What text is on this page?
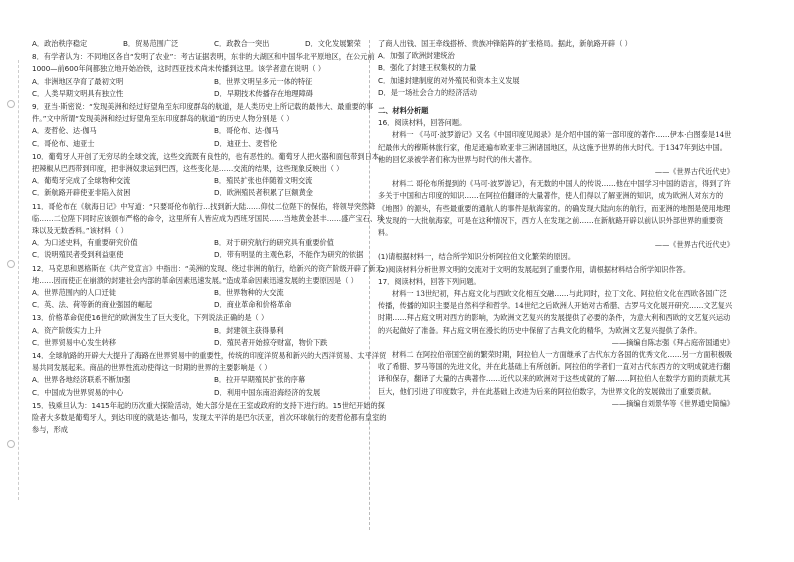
A．政治秩序稳定	B．贸易范围广泛	C．政教合一突出	D．文化发展繁荣

8．有学者认为：不同地区各自“发明了农业”：考古证据表明，东非的大湖区和中国华北平原地区，在公元前1000—前600年间都独立地开始冶铁，这时西亚技术尚未传播到这里。该学者意在说明（ ）

A．非洲地区孕育了最初文明	B．世界文明呈多元一体的特征
C．人类早期文明具有独立性	D．早期技术传播存在地理障碍

9．亚当·斯密说：“发现美洲和经过好望角至东印度群岛的航道，是人类历史上所记载的最伟大、最重要的事件。”文中所谓“发现美洲和经过好望角至东印度群岛的航道”的历史人物分别是（ ）

A．麦哲伦、达·伽马	B．哥伦布、达·伽马
C．哥伦布、迪亚士	D．迪亚士、麦哲伦

10．葡萄牙人开创了无穷尽的全球交流，这些交流既有良性的，也有恶性的。葡萄牙人把火器和面包带到日本，把辣椒从巴西带到印度，把非洲奴隶运到巴西，这些变化是……交流的结果，这些现象反映出（ ）

A．葡萄牙完成了全球物种交流	B．殖民扩张也伴随着文明交流
C．新航路开辟使亚非陷入贫困	D．欧洲殖民者积累了巨额黄金

11．哥伦布在《航海日记》中写道：“只要哥伦布航行…找到新大陆……仰仗二位陛下的保佑，将领导突然降临……二位陛下同时应该颁布严格的命令，这里所有人皆应成为西班牙国民……当地黄金甚丰……盛产宝石、珍珠以及无数香料。”该材料（ ）

A．为口述史料，有重要研究价值	B．对于研究航行的研究具有重要价值
C．说明殖民者受到利益驱使	D．带有明显的主观色彩，不能作为研究的依据

12．马克思和恩格斯在《共产党宣言》中指出：“美洲的发现、绕过非洲的航行，给新兴的资产阶级开辟了新天地……因而使正在崩溃的封建社会内部的革命因素迅速发展。”造成革命因素迅速发展的主要原因是（ ）

A．世界范围内的人口迁徙	B．世界物种的大交流
C．英、法、荷等新的商业强国的崛起	D．商业革命和价格革命

13．价格革命促使16世纪的欧洲发生了巨大变化，下列说法正确的是（ ）

A．资产阶级实力上升	B．封建领主获得暴利
C．世界贸易中心发生转移	D．殖民者开始掠夺财富，物价下跌

14．全球航路的开辟大大提升了海路在世界贸易中的重要性，传统的印度洋贸易和新兴的大西洋贸易、太平洋贸易共同发展起来。商品的世界性流动使得这一时期的世界的主要影响是（ ）

A．世界各地经济联系不断加强	B．拉开早期殖民扩张的序幕
C．中国成为世界贸易的中心	D．利用中国东南沿海经济的发展

15．钱乘旦认为：1415年起的历次重大探险活动，她大部分是在王室或政府的支持下进行的。15世纪开始的探险者大多数是葡萄牙人，到达印度的就是达·伽马，发现太平洋的是巴尔沃亚，首次环球航行的麦哲伦都有皇室的参与，形成

了商人出钱、国王牵线搭桥、贵族冲锋陷阵的扩张格局。据此，新航路开辟（ ）

A．加强了欧洲封建统治

B．强化了封建王权集权的力量

C．加速封建制度的对外殖民和资本主义发展

D．是一场社会合力的经济活动

二、材料分析题

16．阅读材料，回答问题。

材料一 《马可·波罗游记》又名《中国印度见闻录》是介绍中国的第一部印度的著作……伊本·白图泰是14世纪最伟大的穆斯林旅行家，他足迹遍布欧亚非三洲诸国地区，从这施予世界的伟大时代。于1347年到达中国。他的回忆录被学者们称为世界与时代的伟大著作。

——《世界古代近代史》

材料二 哥伦布所提到的《马可·波罗游记》，有无数的中国人的传说……他在中国学习中国的语言，得到了许多关于中国和古印度的知识……在阿拉伯翻译的大量著作，使人们得以了解亚洲的知识，成为欧洲人对东方的《地图》的源头，有些最重要的通航人的事件是航海家的。的确发现大陆向东的航行，而亚洲的地图是使用地理大发现的一大批航海家，可是在这种情况下，西方人在发现之前……在新航路开辟以前认识外部世界的重要资料。

——《世界古代近代史》

(1)请根据材料一，结合所学知识分析阿拉伯文化繁荣的原因。

(2)阅读材料分析世界文明的交流对于文明的发展起到了重要作用，请根据材料结合所学知识作答。

17．阅读材料，回答下列问题。

材料一 13世纪初，拜占庭文化与西欧文化相互交融……与此同时，拉丁文化、阿拉伯文化在西欧各国广泛传播，传播的知识主要是自然科学和哲学。14世纪之后欧洲人开始对古希腊、古罗马文化展开研究……文艺复兴时期……拜占庭文明对西方的影响，为欧洲文艺复兴的发展提供了必要的条件，为意大利和西欧的文艺复兴运动的兴起做好了准备。拜占庭文明在漫长的历史中保留了古典文化的精华，为欧洲文艺复兴提供了条件。

——摘编自陈志强《拜占庭帝国通史》

材料二 在阿拉伯帝国空前的繁荣时期，阿拉伯人一方面继承了古代东方各国的优秀文化……另一方面积极吸收了希腊、罗马等国的先进文化，并在此基础上有所创新。阿拉伯的学者们一直对古代东西方的文明成就进行翻译和保存，翻译了大量的古典著作……近代以来的欧洲对于这些成就的了解……阿拉伯人在数学方面的贡献尤其巨大，他们引进了印度数字，并在此基础上改进为后来的阿拉伯数字，为世界文化的发展做出了重要贡献。

——摘编自刘景华等《世界通史简编》
